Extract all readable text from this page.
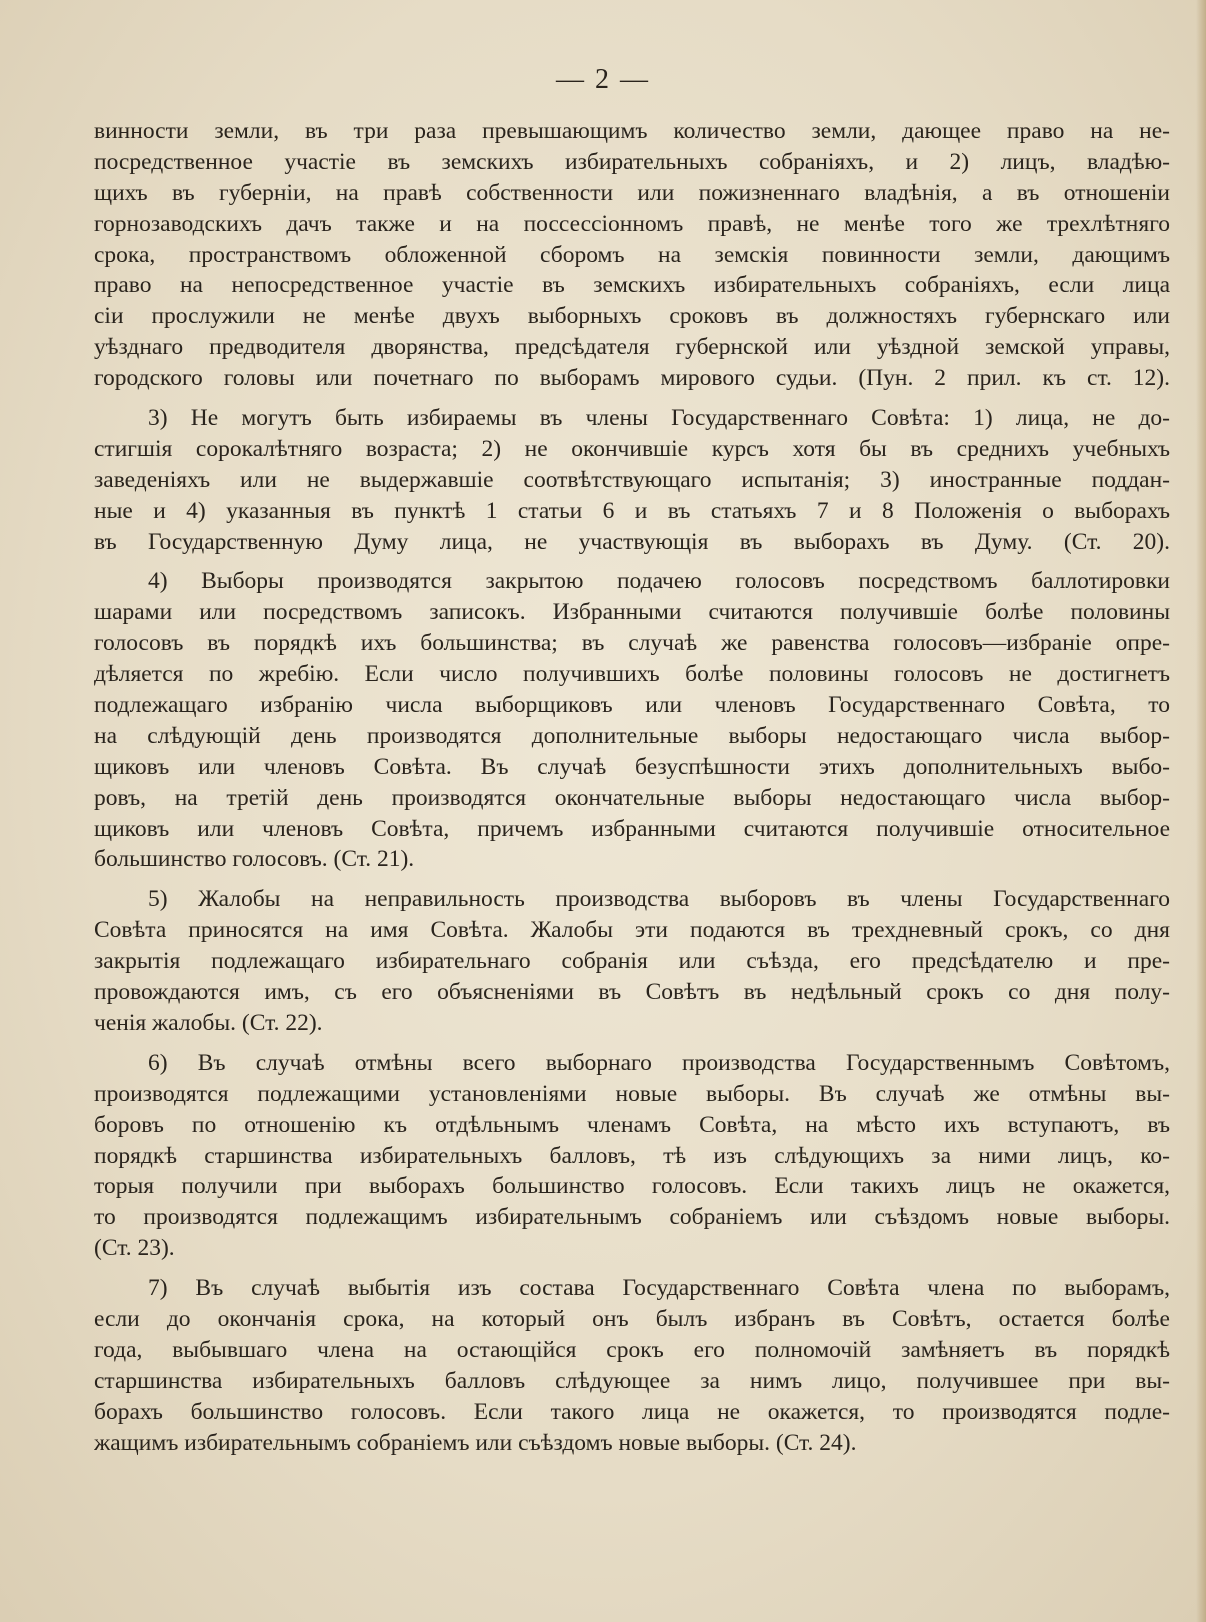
— 2 —
винности земли, въ три раза превышающимъ количество земли, дающее право на не-
посредственное участіе въ земскихъ избирательныхъ собраніяхъ, и 2) лицъ, владѣю-
щихъ въ губерніи, на правѣ собственности или пожизненнаго владѣнія, а въ отношеніи
горнозаводскихъ дачъ также и на поссессіонномъ правѣ, не менѣе того же трехлѣтняго
срока, пространствомъ обложенной сборомъ на земскія повинности земли, дающимъ
право на непосредственное участіе въ земскихъ избирательныхъ собраніяхъ, если лица
сіи прослужили не менѣе двухъ выборныхъ сроковъ въ должностяхъ губернскаго или
уѣзднаго предводителя дворянства, предсѣдателя губернской или уѣздной земской управы,
городского головы или почетнаго по выборамъ мирового судьи. (Пун. 2 прил. къ ст. 12).
3) Не могутъ быть избираемы въ члены Государственнаго Совѣта: 1) лица, не до-
стигшія сорокалѣтняго возраста; 2) не окончившіе курсъ хотя бы въ среднихъ учебныхъ
заведеніяхъ или не выдержавшіе соотвѣтствующаго испытанія; 3) иностранные поддан-
ные и 4) указанныя въ пунктѣ 1 статьи 6 и въ статьяхъ 7 и 8 Положенія о выборахъ
въ Государственную Думу лица, не участвующія въ выборахъ въ Думу. (Ст. 20).
4) Выборы производятся закрытою подачею голосовъ посредствомъ баллотировки
шарами или посредствомъ записокъ. Избранными считаются получившіе болѣе половины
голосовъ въ порядкѣ ихъ большинства; въ случаѣ же равенства голосовъ—избраніе опре-
дѣляется по жребію. Если число получившихъ болѣе половины голосовъ не достигнетъ
подлежащаго избранію числа выборщиковъ или членовъ Государственнаго Совѣта, то
на слѣдующій день производятся дополнительные выборы недостающаго числа выбор-
щиковъ или членовъ Совѣта. Въ случаѣ безуспѣшности этихъ дополнительныхъ выбо-
ровъ, на третій день производятся окончательные выборы недостающаго числа выбор-
щиковъ или членовъ Совѣта, причемъ избранными считаются получившіе относительное
большинство голосовъ. (Ст. 21).
5) Жалобы на неправильность производства выборовъ въ члены Государственнаго
Совѣта приносятся на имя Совѣта. Жалобы эти подаются въ трехдневный срокъ, со дня
закрытія подлежащаго избирательнаго собранія или съѣзда, его предсѣдателю и пре-
провождаются имъ, съ его объясненіями въ Совѣтъ въ недѣльный срокъ со дня полу-
ченія жалобы. (Ст. 22).
6) Въ случаѣ отмѣны всего выборнаго производства Государственнымъ Совѣтомъ,
производятся подлежащими установленіями новые выборы. Въ случаѣ же отмѣны вы-
боровъ по отношенію къ отдѣльнымъ членамъ Совѣта, на мѣсто ихъ вступаютъ, въ
порядкѣ старшинства избирательныхъ балловъ, тѣ изъ слѣдующихъ за ними лицъ, ко-
торыя получили при выборахъ большинство голосовъ. Если такихъ лицъ не окажется,
то производятся подлежащимъ избирательнымъ собраніемъ или съѣздомъ новые выборы.
(Ст. 23).
7) Въ случаѣ выбытія изъ состава Государственнаго Совѣта члена по выборамъ,
если до окончанія срока, на который онъ былъ избранъ въ Совѣтъ, остается болѣе
года, выбывшаго члена на остающійся срокъ его полномочій замѣняетъ въ порядкѣ
старшинства избирательныхъ балловъ слѣдующее за нимъ лицо, получившее при вы-
борахъ большинство голосовъ. Если такого лица не окажется, то производятся подле-
жащимъ избирательнымъ собраніемъ или съѣздомъ новые выборы. (Ст. 24).
